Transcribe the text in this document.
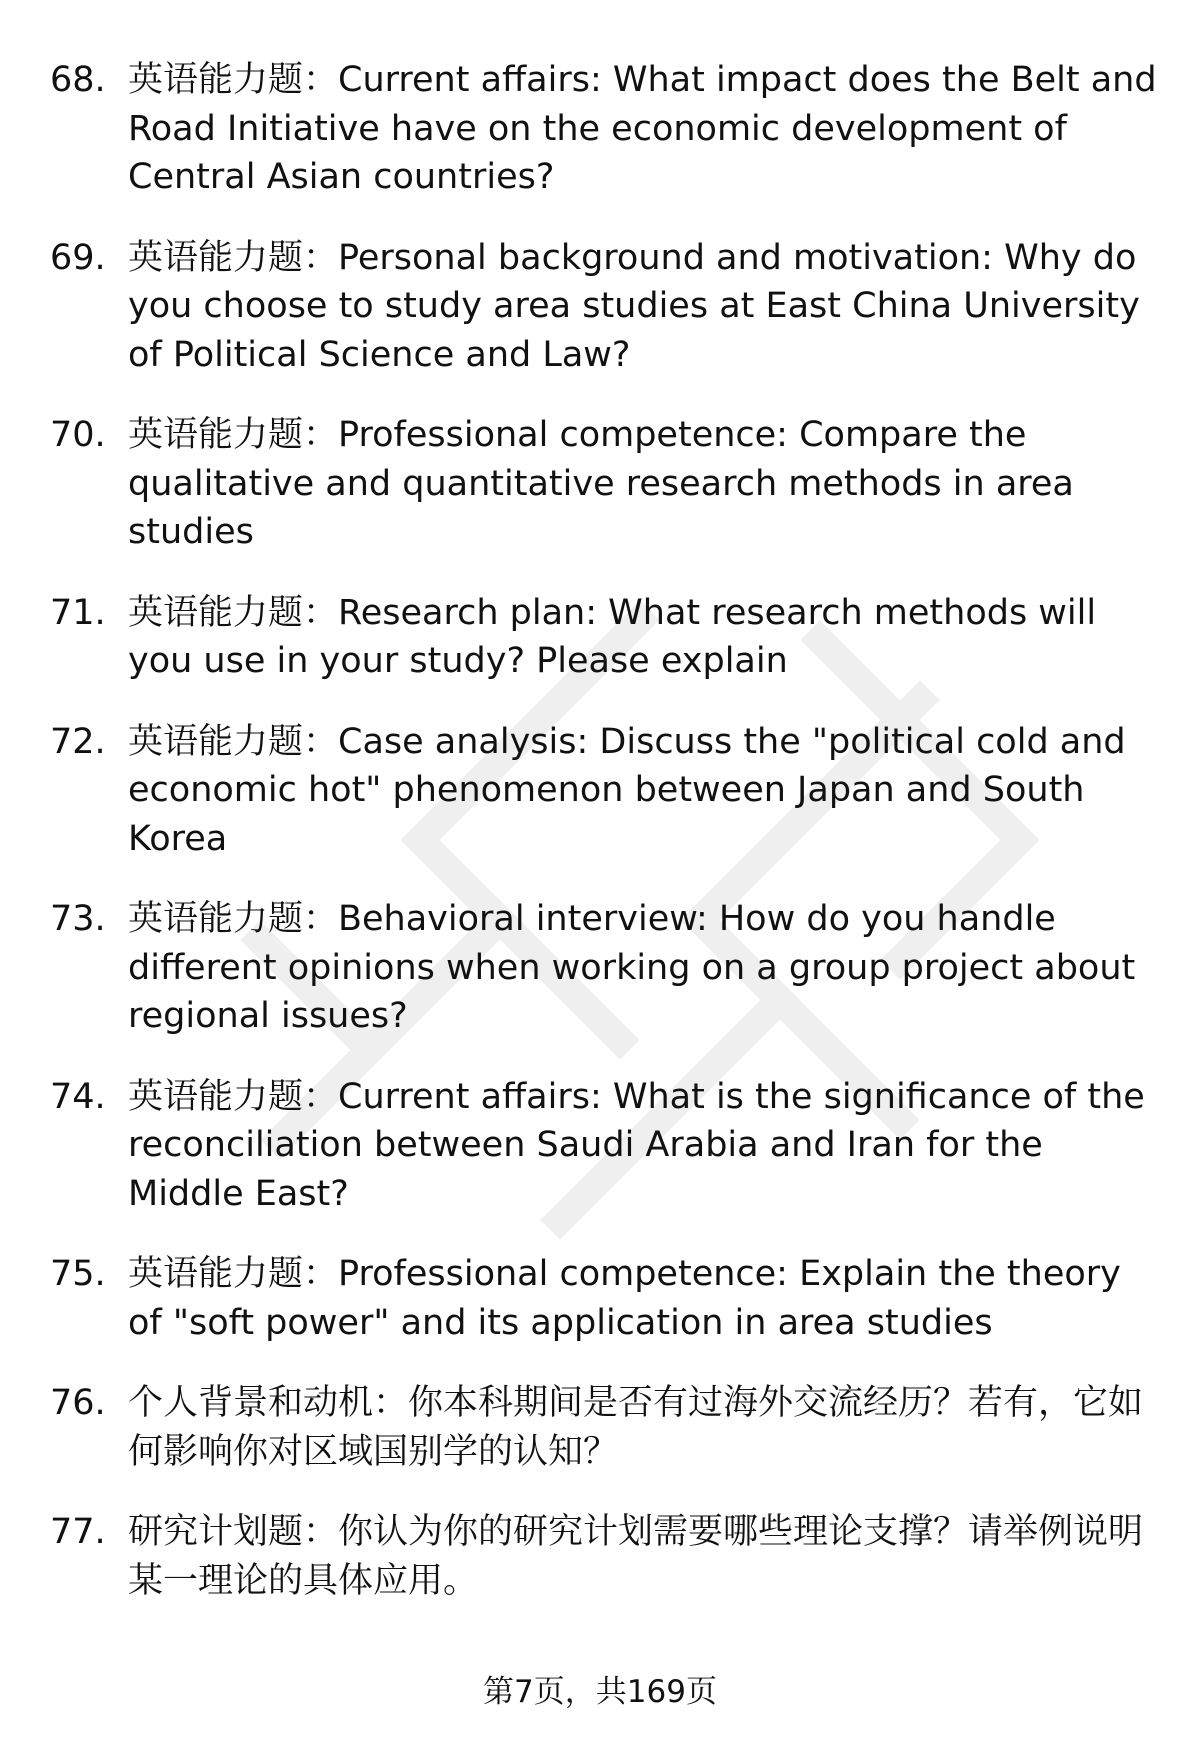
68. 英语能力题：Current affairs: What impact does the Belt and Road Initiative have on the economic development of Central Asian countries?
69. 英语能力题：Personal background and motivation: Why do you choose to study area studies at East China University of Political Science and Law?
70. 英语能力题：Professional competence: Compare the qualitative and quantitative research methods in area studies
71. 英语能力题：Research plan: What research methods will you use in your study? Please explain
72. 英语能力题：Case analysis: Discuss the "political cold and economic hot" phenomenon between Japan and South Korea
73. 英语能力题：Behavioral interview: How do you handle different opinions when working on a group project about regional issues?
74. 英语能力题：Current affairs: What is the significance of the reconciliation between Saudi Arabia and Iran for the Middle East?
75. 英语能力题：Professional competence: Explain the theory of "soft power" and its application in area studies
76. 个人背景和动机：你本科期间是否有过海外交流经历？若有，它如何影响你对区域国别学的认知？
77. 研究计划题：你认为你的研究计划需要哪些理论支撑？请举例说明某一理论的具体应用。
第7页，共169页
